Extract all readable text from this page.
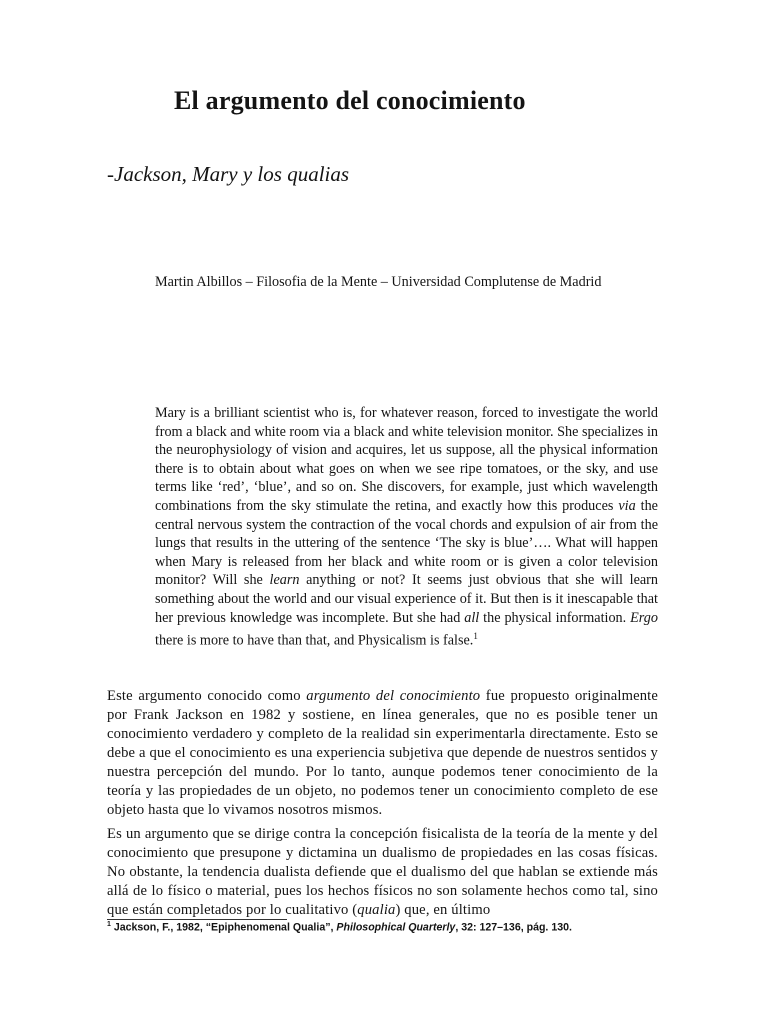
El argumento del conocimiento

-Jackson, Mary y los qualias

Martin Albillos – Filosofia de la Mente – Universidad Complutense de Madrid

Mary is a brilliant scientist who is, for whatever reason, forced to investigate the world from a black and white room via a black and white television monitor. She specializes in the neurophysiology of vision and acquires, let us suppose, all the physical information there is to obtain about what goes on when we see ripe tomatoes, or the sky, and use terms like ‘red’, ‘blue’, and so on. She discovers, for example, just which wavelength combinations from the sky stimulate the retina, and exactly how this produces via the central nervous system the contraction of the vocal chords and expulsion of air from the lungs that results in the uttering of the sentence ‘The sky is blue’…. What will happen when Mary is released from her black and white room or is given a color television monitor? Will she learn anything or not? It seems just obvious that she will learn something about the world and our visual experience of it. But then is it inescapable that her previous knowledge was incomplete. But she had all the physical information. Ergo there is more to have than that, and Physicalism is false.$^1$

Este argumento conocido como argumento del conocimiento fue propuesto originalmente por Frank Jackson en 1982 y sostiene, en línea generales, que no es posible tener un conocimiento verdadero y completo de la realidad sin experimentarla directamente. Esto se debe a que el conocimiento es una experiencia subjetiva que depende de nuestros sentidos y nuestra percepción del mundo. Por lo tanto, aunque podemos tener conocimiento de la teoría y las propiedades de un objeto, no podemos tener un conocimiento completo de ese objeto hasta que lo vivamos nosotros mismos.

Es un argumento que se dirige contra la concepción fisicalista de la teoría de la mente y del conocimiento que presupone y dictamina un dualismo de propiedades en las cosas físicas. No obstante, la tendencia dualista defiende que el dualismo del que hablan se extiende más allá de lo físico o material, pues los hechos físicos no son solamente hechos como tal, sino que están completados por lo cualitativo (qualia) que, en último

$^1$ Jackson, F., 1982, “Epiphenomenal Qualia”, Philosophical Quarterly, 32: 127–136, pág. 130.
